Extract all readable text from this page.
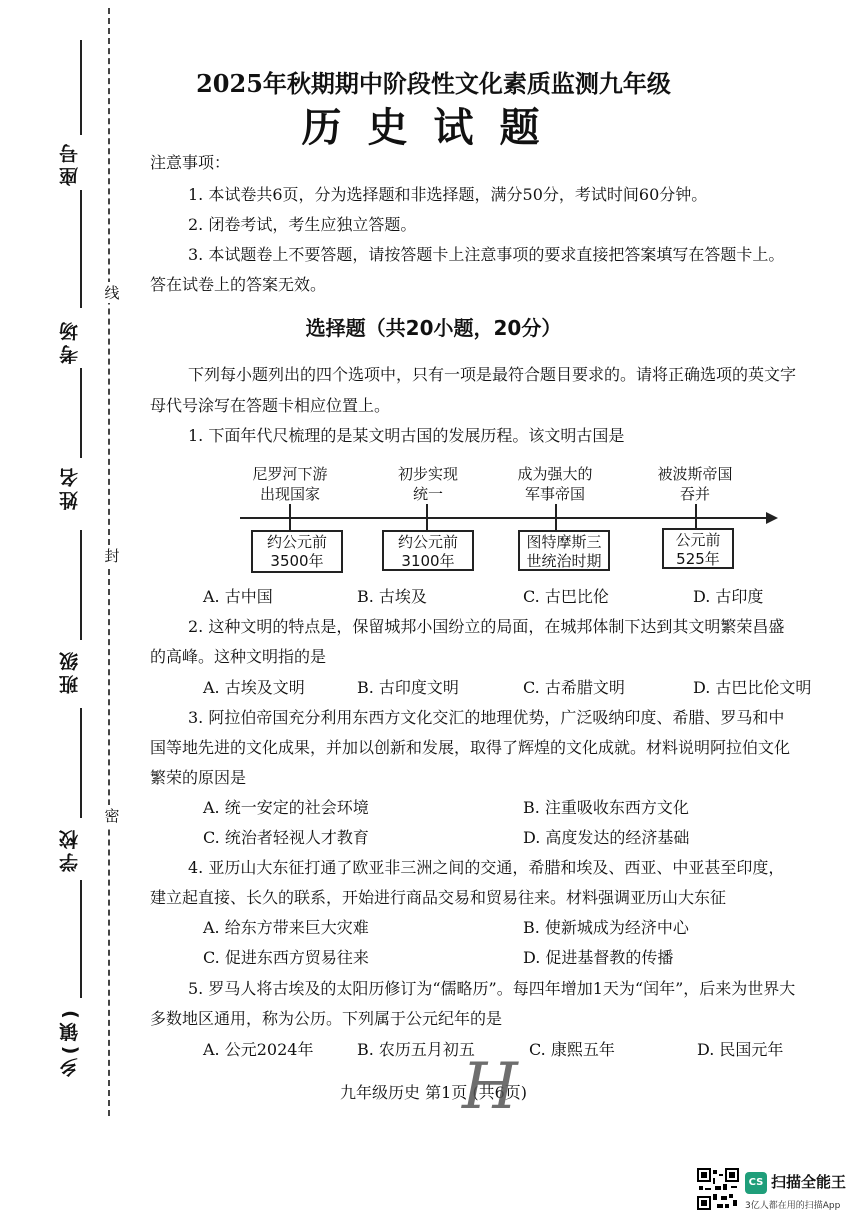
座号
考场
姓名
班级
学校
乡(镇)
线
封
密
2025年秋期期中阶段性文化素质监测九年级
历史试题
注意事项：
1. 本试卷共6页，分为选择题和非选择题，满分50分，考试时间60分钟。
2. 闭卷考试，考生应独立答题。
3. 本试题卷上不要答题，请按答题卡上注意事项的要求直接把答案填写在答题卡上。
答在试卷上的答案无效。
选择题（共20小题，20分）
下列每小题列出的四个选项中，只有一项是最符合题目要求的。请将正确选项的英文字
母代号涂写在答题卡相应位置上。
1. 下面年代尺梳理的是某文明古国的发展历程。该文明古国是
尼罗河下游
出现国家
约公元前
3500年
初步实现
统一
约公元前
3100年
成为强大的
军事帝国
图特摩斯三
世统治时期
被波斯帝国
吞并
公元前
525年
A. 古中国	B. 古埃及	C. 古巴比伦	D. 古印度
2. 这种文明的特点是，保留城邦小国纷立的局面，在城邦体制下达到其文明繁荣昌盛
的高峰。这种文明指的是
A. 古埃及文明	B. 古印度文明	C. 古希腊文明	D. 古巴比伦文明
3. 阿拉伯帝国充分利用东西方文化交汇的地理优势，广泛吸纳印度、希腊、罗马和中
国等地先进的文化成果，并加以创新和发展，取得了辉煌的文化成就。材料说明阿拉伯文化
繁荣的原因是
A. 统一安定的社会环境	B. 注重吸收东西方文化
C. 统治者轻视人才教育	D. 高度发达的经济基础
4. 亚历山大东征打通了欧亚非三洲之间的交通，希腊和埃及、西亚、中亚甚至印度，
建立起直接、长久的联系，开始进行商品交易和贸易往来。材料强调亚历山大东征
A. 给东方带来巨大灾难	B. 使新城成为经济中心
C. 促进东西方贸易往来	D. 促进基督教的传播
5. 罗马人将古埃及的太阳历修订为“儒略历”。每四年增加1天为“闰年”，后来为世界大
多数地区通用，称为公历。下列属于公元纪年的是
A. 公元2024年	B. 农历五月初五	C. 康熙五年	D. 民国元年
九年级历史 第1页 (共6页)
H
CS 扫描全能王
3亿人都在用的扫描App
